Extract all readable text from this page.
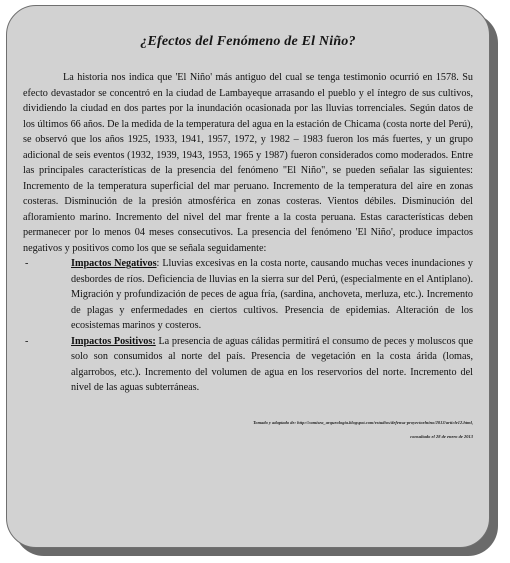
¿Efectos del Fenómeno de El Niño?

La historia nos indica que 'El Niño' más antiguo del cual se tenga testimonio ocurrió en 1578. Su efecto devastador se concentró en la ciudad de Lambayeque arrasando el pueblo y el íntegro de sus cultivos, dividiendo la ciudad en dos partes por la inundación ocasionada por las lluvias torrenciales. Según datos de los últimos 66 años. De la medida de la temperatura del agua en la estación de Chicama (costa norte del Perú), se observó que los años 1925, 1933, 1941, 1957, 1972, y 1982 – 1983 fueron los más fuertes, y un grupo adicional de seis eventos (1932, 1939, 1943, 1953, 1965 y 1987) fueron considerados como moderados. Entre las principales características de la presencia del fenómeno "El Niño", se pueden señalar las siguientes: Incremento de la temperatura superficial del mar peruano. Incremento de la temperatura del aire en zonas costeras. Disminución de la presión atmosférica en zonas costeras. Vientos débiles. Disminución del afloramiento marino. Incremento del nivel del mar frente a la costa peruana. Estas características deben permanecer por lo menos 04 meses consecutivos. La presencia del fenómeno 'El Niño', produce impactos negativos y positivos como los que se señala seguidamente:

-	Impactos Negativos: Lluvias excesivas en la costa norte, causando muchas veces inundaciones y desbordes de ríos. Deficiencia de lluvias en la sierra sur del Perú, (especialmente en el Antiplano). Migración y profundización de peces de agua fría, (sardina, anchoveta, merluza, etc.). Incremento de plagas y enfermedades en ciertos cultivos. Presencia de epidemias. Alteración de los ecosistemas marinos y costeros.
-	Impactos Positivos: La presencia de aguas cálidas permitirá el consumo de peces y moluscos que solo son consumidos al norte del país. Presencia de vegetación en la costa árida (lomas, algarrobos, etc.). Incremento del volumen de agua en los reservorios del norte. Incremento del nivel de las aguas subterráneas.
Tomado y adaptado de: http://camisea_arqueologia.blogspot.com/estudios/defensa-proyectoelnino/2013/article12.html,
consultado el 28 de enero de 2013
